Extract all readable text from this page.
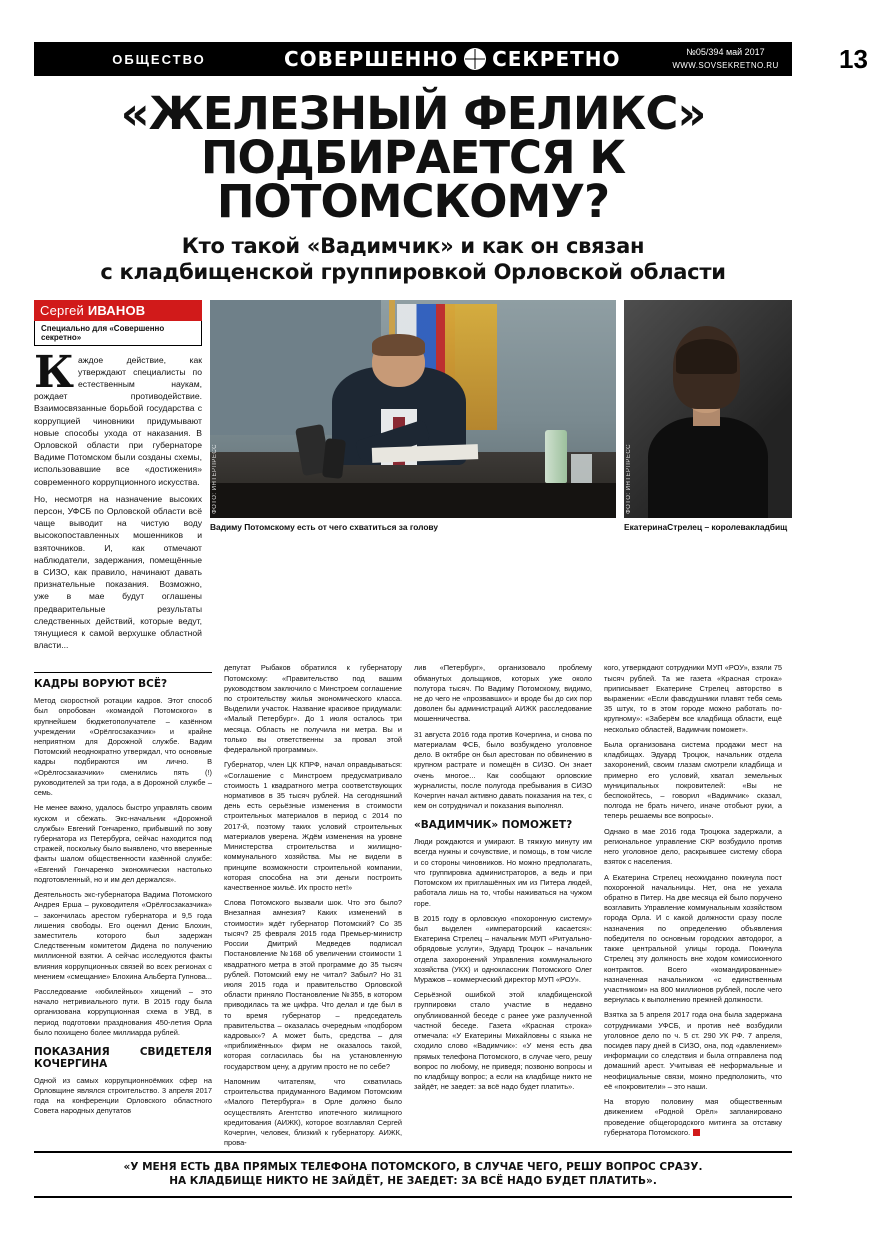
ОБЩЕСТВО	СОВЕРШЕННО СЕКРЕТНО	№05/394 май 2017
WWW.SOVSEKRETNO.RU	13
«ЖЕЛЕЗНЫЙ ФЕЛИКС»
ПОДБИРАЕТСЯ К ПОТОМСКОМУ?
Кто такой «Вадимчик» и как он связан
с кладбищенской группировкой Орловской области
Сергей ИВАНОВ
Специально для «Совершенно секретно»
К аждое действие, как утверждают специалисты по естественным наукам, рождает противодействие. Взаимосвязанные борьбой государства с коррупцией чиновники придумывают новые способы ухода от наказания. В Орловской области при губернаторе Вадиме Потомском были созданы схемы, использовавшие все «достижения» современного коррупционного искусства.
Но, несмотря на назначение высоких персон, УФСБ по Орловской области всё чаще выводит на чистую воду высокопоставленных мошенников и взяточников. И, как отмечают наблюдатели, задержания, помещённые в СИЗО, как правило, начинают давать признательные показания. Возможно, уже в мае будут оглашены предварительные результаты следственных действий, которые ведут, тянущиеся к самой верхушке областной власти...
ФОТО: ИНТЕРПРЕСС
Вадиму Потомскому есть от чего схватиться за голову
ФОТО: ИНТЕРПРЕСС
ЕкатеринаСтрелец – королевакладбищ
КАДРЫ ВОРУЮТ ВСЁ?

Метод скоростной ротации кадров. Этот способ был опробован «командой Потомского» в крупнейшем бюджетополучателе – казённом учреждении «Орёлгосзаказчик» и крайне неприятном для Дорожной службе. Вадим Потомский неоднократно утверждал, что основные кадры подбираются им лично. В «Орёлгосзаказчики» сменились пять (!) руководителей за три года, а в Дорожной службе – семь.

Не менее важно, удалось быстро управлять своим куском и сбежать. Экс-начальник «Дорожной службы» Евгений Гончаренко, прибывший по зову губернатора из Петербурга, сейчас находится под стражей, поскольку было выявлено, что вверенные факты шалом общественности казённой службе: «Евгений Гончаренко экономически настолько подготовленный, но и им дел держался».

Деятельность экс-губернатора Вадима Потомского Андрея Ерша – руководителя «Орёлгосзаказчика» – закончилась арестом губернатора и 9,5 года лишения свободы. Его оценил Денис Блохин, заместитель которого был задержан Следственным комитетом Дидена по получению миллионной взятки. А сейчас исследуются факты влияния коррупционных связей во всех регионах с мнением «смещание» Блохина Альберта Гупнова...

Расследование «юбилейных» хищений – это начало нетривиального пути. В 2015 году была организована коррупционная схема в УВД, в период подготовки празднования 450-летия Орла было похищено более миллиарда рублей.

ПОКАЗАНИЯ СВИДЕТЕЛЯ КОЧЕРГИНА

Одной из самых коррупционноёмких сфер на Орловщине являлся строительство. 3 апреля 2017 года на конференции Орловского областного Совета народных депутатов

депутат Рыбаков обратился к губернатору Потомскому: «Правительство под вашим руководством заключило с Минстроем соглашение по строительству жилья экономического класса. Выделили участок. Название красивое придумали: «Малый Петербург». До 1 июля осталось три месяца. Область не получила ни метра. Вы и только вы ответственны за провал этой федеральной программы».

Губернатор, член ЦК КПРФ, начал оправдываться: «Соглашение с Минстроем предусматривало стоимость 1 квадратного метра соответствующих нормативов в 35 тысяч рублей. На сегодняшний день есть серьёзные изменения в стоимости строительных материалов в период с 2014 по 2017-й, поэтому таких условий строительных материалов уверена. Ждём изменения на уровне Министерства строительства и жилищно-коммунального хозяйства. Мы не видели в принципе возможности строительной компании, которая способна на эти деньги построить качественное жильё. Их просто нет!»

Слова Потомского вызвали шок. Что это было? Внезапная амнезия? Каких изменений в стоимости» ждёт губернатор Потомский? Со 35 тысяч? 25 февраля 2015 года Премьер-министр России Дмитрий Медведев подписал Постановление №168 об увеличении стоимости 1 квадратного метра в этой программе до 35 тысяч рублей. Потомский ему не читал? Забыл? Но 31 июля 2015 года и правительство Орловской области приняло Постановление №355, в котором приводилась та же цифра. Что делал и где был в то время губернатор – председатель правительства – оказалась очередным «подбором кадровых»? А может быть, средства – для «приближённых» фирм не оказалось такой, которая согласилась бы на установленную государством цену, а другим просто не по себе?

Напомним читателям, что схватилась строительства придуманного Вадимом Потомским «Малого Петербурга» в Орле должно было осуществлять Агентство ипотечного жилищного кредитования (АИЖК), которое возглавлял Сергей Кочергин, человек, близкий к губернатору. АИЖК, прова-

лив «Петербург», организовало проблему обманутых дольщиков, которых уже около полутора тысяч. По Вадиму Потомскому, видимо, не до чего не «прозвавших» и вроде бы до сих пор доволен бы администраций АИЖК расследование мошенничества.

31 августа 2016 года против Кочергина, и снова по материалам ФСБ, было возбуждено уголовное дело. В октябре он был арестован по обвинению в крупном растрате и помещён в СИЗО. Он знает очень многое... Как сообщают орловские журналисты, после полугода пребывания в СИЗО Кочергин начал активно давать показания на тех, с кем он сотрудничал и показания выполнял.

«ВАДИМЧИК» ПОМОЖЕТ?

Люди рождаются и умирают. В тяжкую минуту им всегда нужны и сочувствие, и помощь, в том числе и со стороны чиновников. Но можно предполагать, что группировка администраторов, а ведь и при Потомском их приглашённых им из Питера людей, работала лишь на то, чтобы наживаться на чужом горе.

В 2015 году в орловскую «похоронную систему» был выделен «императорский касается»: Екатерина Стрелец – начальник МУП «Ритуально-обрядовые услуги», Эдуард Троцюк – начальник отдела захоронений Управления коммунального хозяйства (УКХ) и одноклассник Потомского Олег Муражов – коммерческий директор МУП «РОУ».

Серьёзной ошибкой этой кладбищенской группировки стало участие в недавно опубликованной беседе с ранее уже разлученной частной беседе. Газета «Красная строка» отмечала: «У Екатерины Михайловны с языка не сходило слово «Вадимчик»: «У меня есть два прямых телефона Потомского, в случае чего, решу вопрос по любому, не приведя; позвоню вопросы и по кладбищу вопрос; а если на кладбище никто не зайдёт, не заедет: за всё надо будет платить».

кого, утверждают сотрудники МУП «РОУ», взяли 75 тысяч рублей. Та же газета «Красная строка» приписывает Екатерине Стрелец авторство в выражении: «Если фавсдушники плавят тебя семь 35 штук, то в этом городе можно работать по-крупному»: «Заберём все кладбища области, ещё несколько областей, Вадимчик поможет».

Была организована система продажи мест на кладбищах. Эдуард Троцюк, начальник отдела захоронений, своим глазам смотрели кладбища и примерно его условий, хватал земельных муниципальных покровителей: «Вы не беспокойтесь, – говорил «Вадимчик» сказал, полгода не брать ничего, иначе отобьют руки, а теперь решаемы все вопросы».

Однако в мае 2016 года Троцюка задержали, а региональное управление СКР возбудило против него уголовное дело, раскрывшее систему сбора взяток с населения.

А Екатерина Стрелец неожиданно покинула пост похоронной начальницы. Нет, она не уехала обратно в Питер. На две месяца ей было поручено возглавить Управление коммунальным хозяйством города Орла. И с какой должности сразу после назначения по определению объявления победителя по основным городских автодорог, а также центральной улицы города. Покинула Стрелец эту должность вне ходом комиссионного контрактов. Всего «командированные» назначенная начальником «с единственным участником» на 800 миллионов рублей, после чего вернулась к выполнению прежней должности.

Взятка за 5 апреля 2017 года она была задержана сотрудниками УФСБ, и против неё возбудили уголовное дело по ч. 5 ст. 290 УК РФ. 7 апреля, посидев пару дней в СИЗО, она, под «давлением» информации со следствия и была отправлена под домашний арест. Учитывая её неформальные и неофициальные связи, можно предположить, что её «покровители» – это наши.

На вторую половину мая общественным движением «Родной Орёл» запланировано проведение общегородского митинга за отставку губернатора Потомского.

«У МЕНЯ ЕСТЬ ДВА ПРЯМЫХ ТЕЛЕФОНА ПОТОМСКОГО, В СЛУЧАЕ ЧЕГО, РЕШУ ВОПРОС СРАЗУ.
НА КЛАДБИЩЕ НИКТО НЕ ЗАЙДЁТ, НЕ ЗАЕДЕТ: ЗА ВСЁ НАДО БУДЕТ ПЛАТИТЬ».
